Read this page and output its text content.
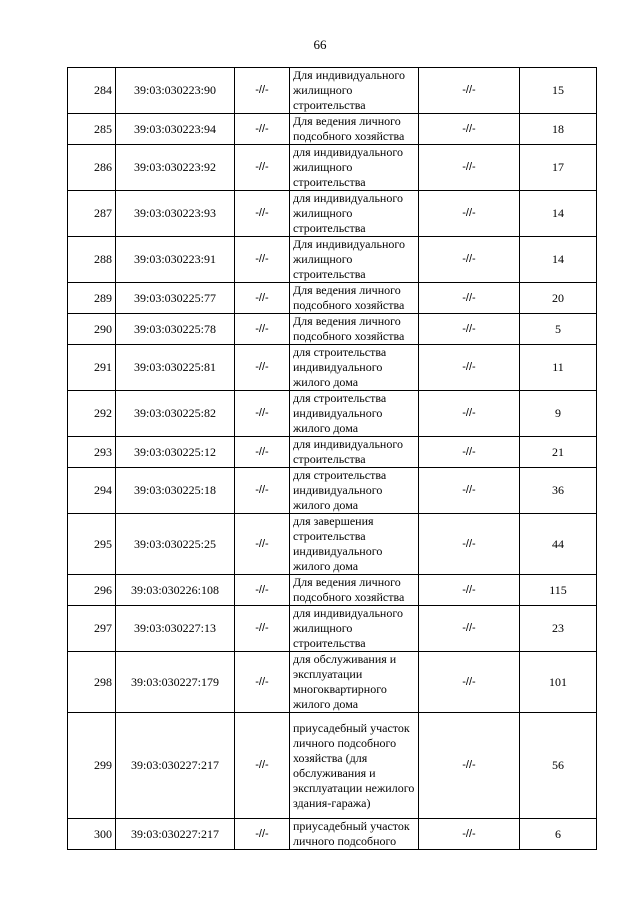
66
284	39:03:030223:90	-//-	Для индивидуального жилищного строительства	-//-	15
285	39:03:030223:94	-//-	Для ведения личного подсобного хозяйства	-//-	18
286	39:03:030223:92	-//-	для индивидуального жилищного строительства	-//-	17
287	39:03:030223:93	-//-	для индивидуального жилищного строительства	-//-	14
288	39:03:030223:91	-//-	Для индивидуального жилищного строительства	-//-	14
289	39:03:030225:77	-//-	Для ведения личного подсобного хозяйства	-//-	20
290	39:03:030225:78	-//-	Для ведения личного подсобного хозяйства	-//-	5
291	39:03:030225:81	-//-	для строительства индивидуального жилого дома	-//-	11
292	39:03:030225:82	-//-	для строительства индивидуального жилого дома	-//-	9
293	39:03:030225:12	-//-	для индивидуального строительства	-//-	21
294	39:03:030225:18	-//-	для строительства индивидуального жилого дома	-//-	36
295	39:03:030225:25	-//-	для завершения строительства индивидуального жилого дома	-//-	44
296	39:03:030226:108	-//-	Для ведения личного подсобного хозяйства	-//-	115
297	39:03:030227:13	-//-	для индивидуального жилищного строительства	-//-	23
298	39:03:030227:179	-//-	для обслуживания и эксплуатации многоквартирного жилого дома	-//-	101
299	39:03:030227:217	-//-	приусадебный участок личного подсобного хозяйства (для обслуживания и эксплуатации нежилого здания-гаража)	-//-	56
300	39:03:030227:217	-//-	приусадебный участок личного подсобного	-//-	6
